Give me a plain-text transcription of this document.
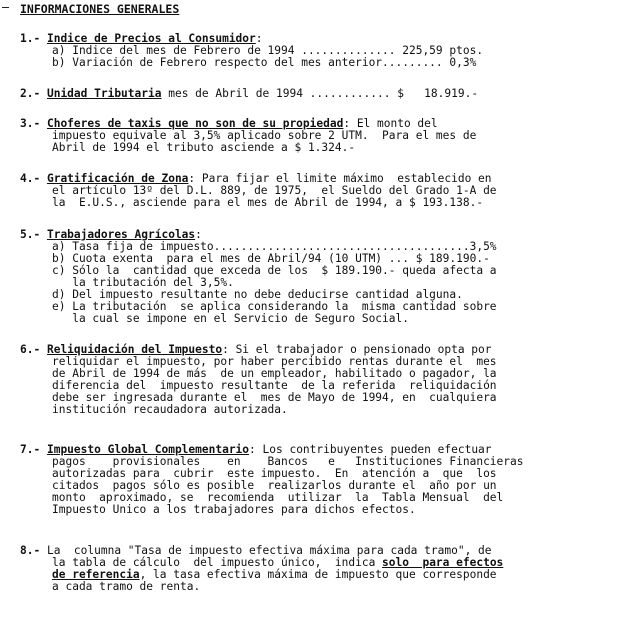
INFORMACIONES GENERALES
1.- Indice de Precios al Consumidor:
a) Indice del mes de Febrero de 1994 .............. 225,59 ptos.
b) Variación de Febrero respecto del mes anterior......... 0,3%
2.- Unidad Tributaria mes de Abril de 1994 ............ $   18.919.-
3.- Choferes de taxis que no son de su propiedad: El monto del
impuesto equivale al 3,5% aplicado sobre 2 UTM.  Para el mes de
Abril de 1994 el tributo asciende a $ 1.324.-
4.- Gratificación de Zona: Para fijar el limite máximo  establecido en
el artículo 13º del D.L. 889, de 1975,  el Sueldo del Grado 1-A de
la  E.U.S., asciende para el mes de Abril de 1994, a $ 193.138.-
5.- Trabajadores Agrícolas:
a) Tasa fija de impuesto......................................3,5%
b) Cuota exenta  para el mes de Abril/94 (10 UTM) ... $ 189.190.-
c) Sólo la  cantidad que exceda de los  $ 189.190.- queda afecta a
la tributación del 3,5%.
d) Del impuesto resultante no debe deducirse cantidad alguna.
e) La tributación  se aplica considerando la  misma cantidad sobre
la cual se impone en el Servicio de Seguro Social.
6.- Reliquidación del Impuesto: Si el trabajador o pensionado opta por
reliquidar el impuesto, por haber percibido rentas durante el  mes
de Abril de 1994 de más  de un empleador, habilitado o pagador, la
diferencia del  impuesto resultante  de la referida  reliquidación
debe ser ingresada durante el  mes de Mayo de 1994, en  cualquiera
institución recaudadora autorizada.
7.- Impuesto Global Complementario: Los contribuyentes pueden efectuar
pagos    provisionales    en    Bancos   e   Instituciones Financieras
autorizadas para  cubrir  este impuesto.  En  atención a  que  los
citados  pagos sólo es posible  realizarlos durante el  año por un
monto  aproximado, se  recomienda  utilizar  la  Tabla Mensual  del
Impuesto Unico a los trabajadores para dichos efectos.
8.- La  columna "Tasa de impuesto efectiva máxima para cada tramo", de
la tabla de cálculo  del impuesto único,  indica solo  para efectos
de referencia, la tasa efectiva máxima de impuesto que corresponde
a cada tramo de renta.
